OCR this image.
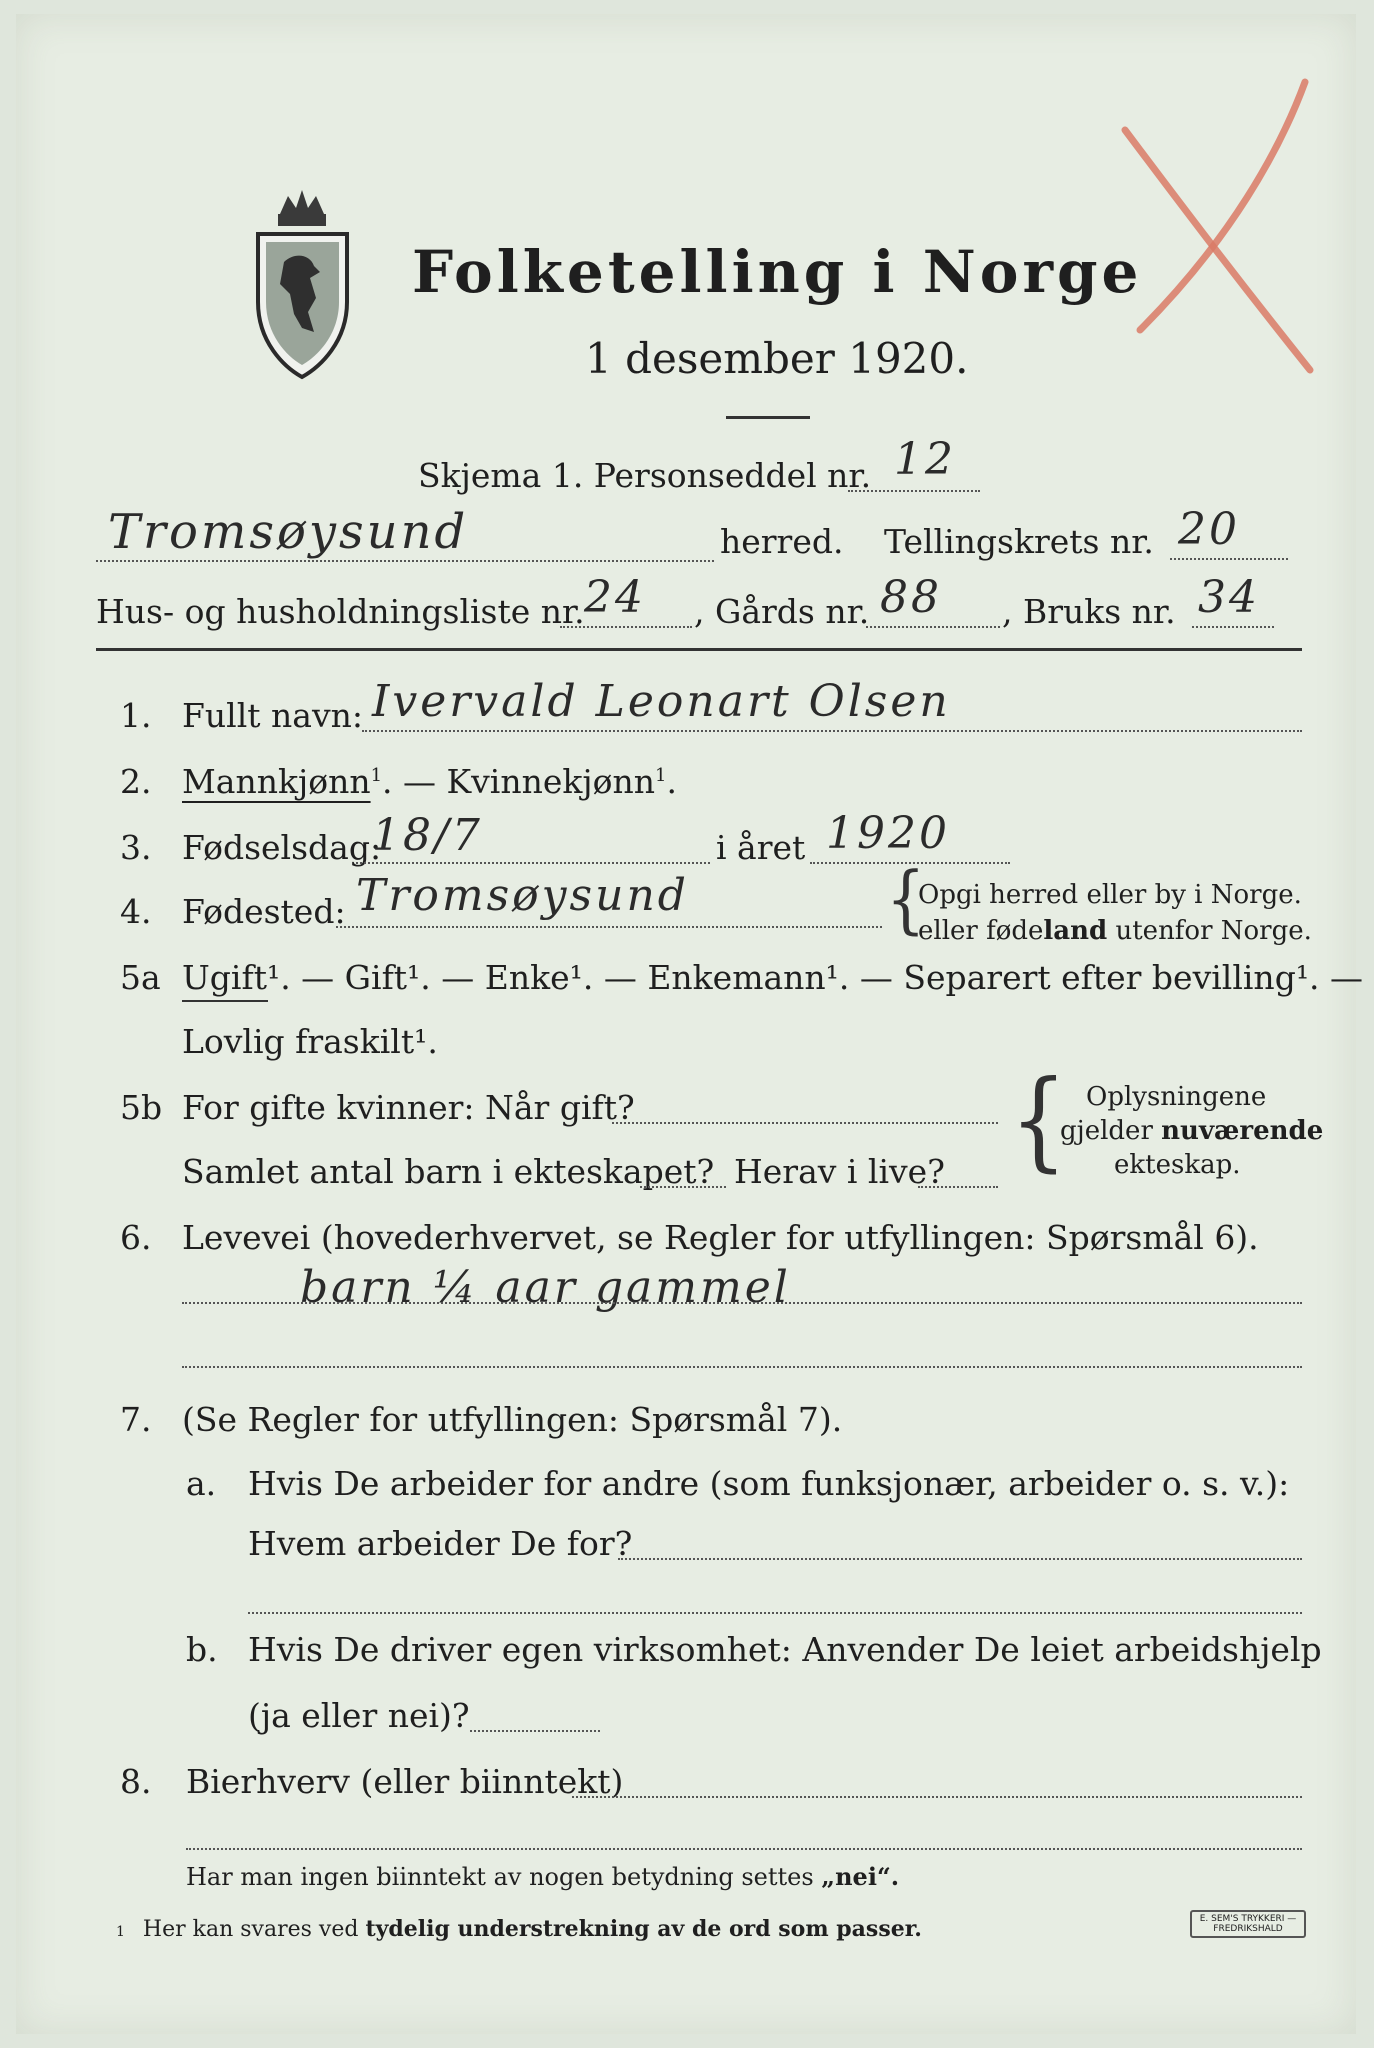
Folketelling i Norge
1 desember 1920.
Skjema 1. Personseddel nr. 12
Tromsøysund	herred. Tellingskrets nr. 20
Hus- og husholdningsliste nr. 24 , Gårds nr. 88 , Bruks nr. 34
1. Fullt navn: Ivervald Leonart Olsen
2. Mannkjønn$^1$. — Kvinnekjønn$^1$.
3. Fødselsdag:
18/7	i året 1920
4. Fødested: Tromsøysund	{
Opgi herred eller by i Norge.
eller fødeland utenfor Norge.
5a Ugift¹. — Gift¹. — Enke¹. — Enkemann¹. — Separert efter bevilling¹. —
Lovlig fraskilt¹.
5b For gifte kvinner: Når gift?
Samlet antal barn i ekteskapet? Herav i live? { Oplysningene
gjelder nuværende
ekteskap.
6. Levevei (hovederhvervet, se Regler for utfyllingen: Spørsmål 6).
barn ¼ aar gammel
7. (Se Regler for utfyllingen: Spørsmål 7).
a. Hvis De arbeider for andre (som funksjonær, arbeider o. s. v.):
Hvem arbeider De for?
b. Hvis De driver egen virksomhet: Anvender De leiet arbeidshjelp
(ja eller nei)?
8. Bierhverv (eller biinntekt)
Har man ingen biinntekt av nogen betydning settes „nei“.
1 Her kan svares ved tydelig understrekning av de ord som passer.	E. SEM'S TRYKKERI — FREDRIKSHALD
